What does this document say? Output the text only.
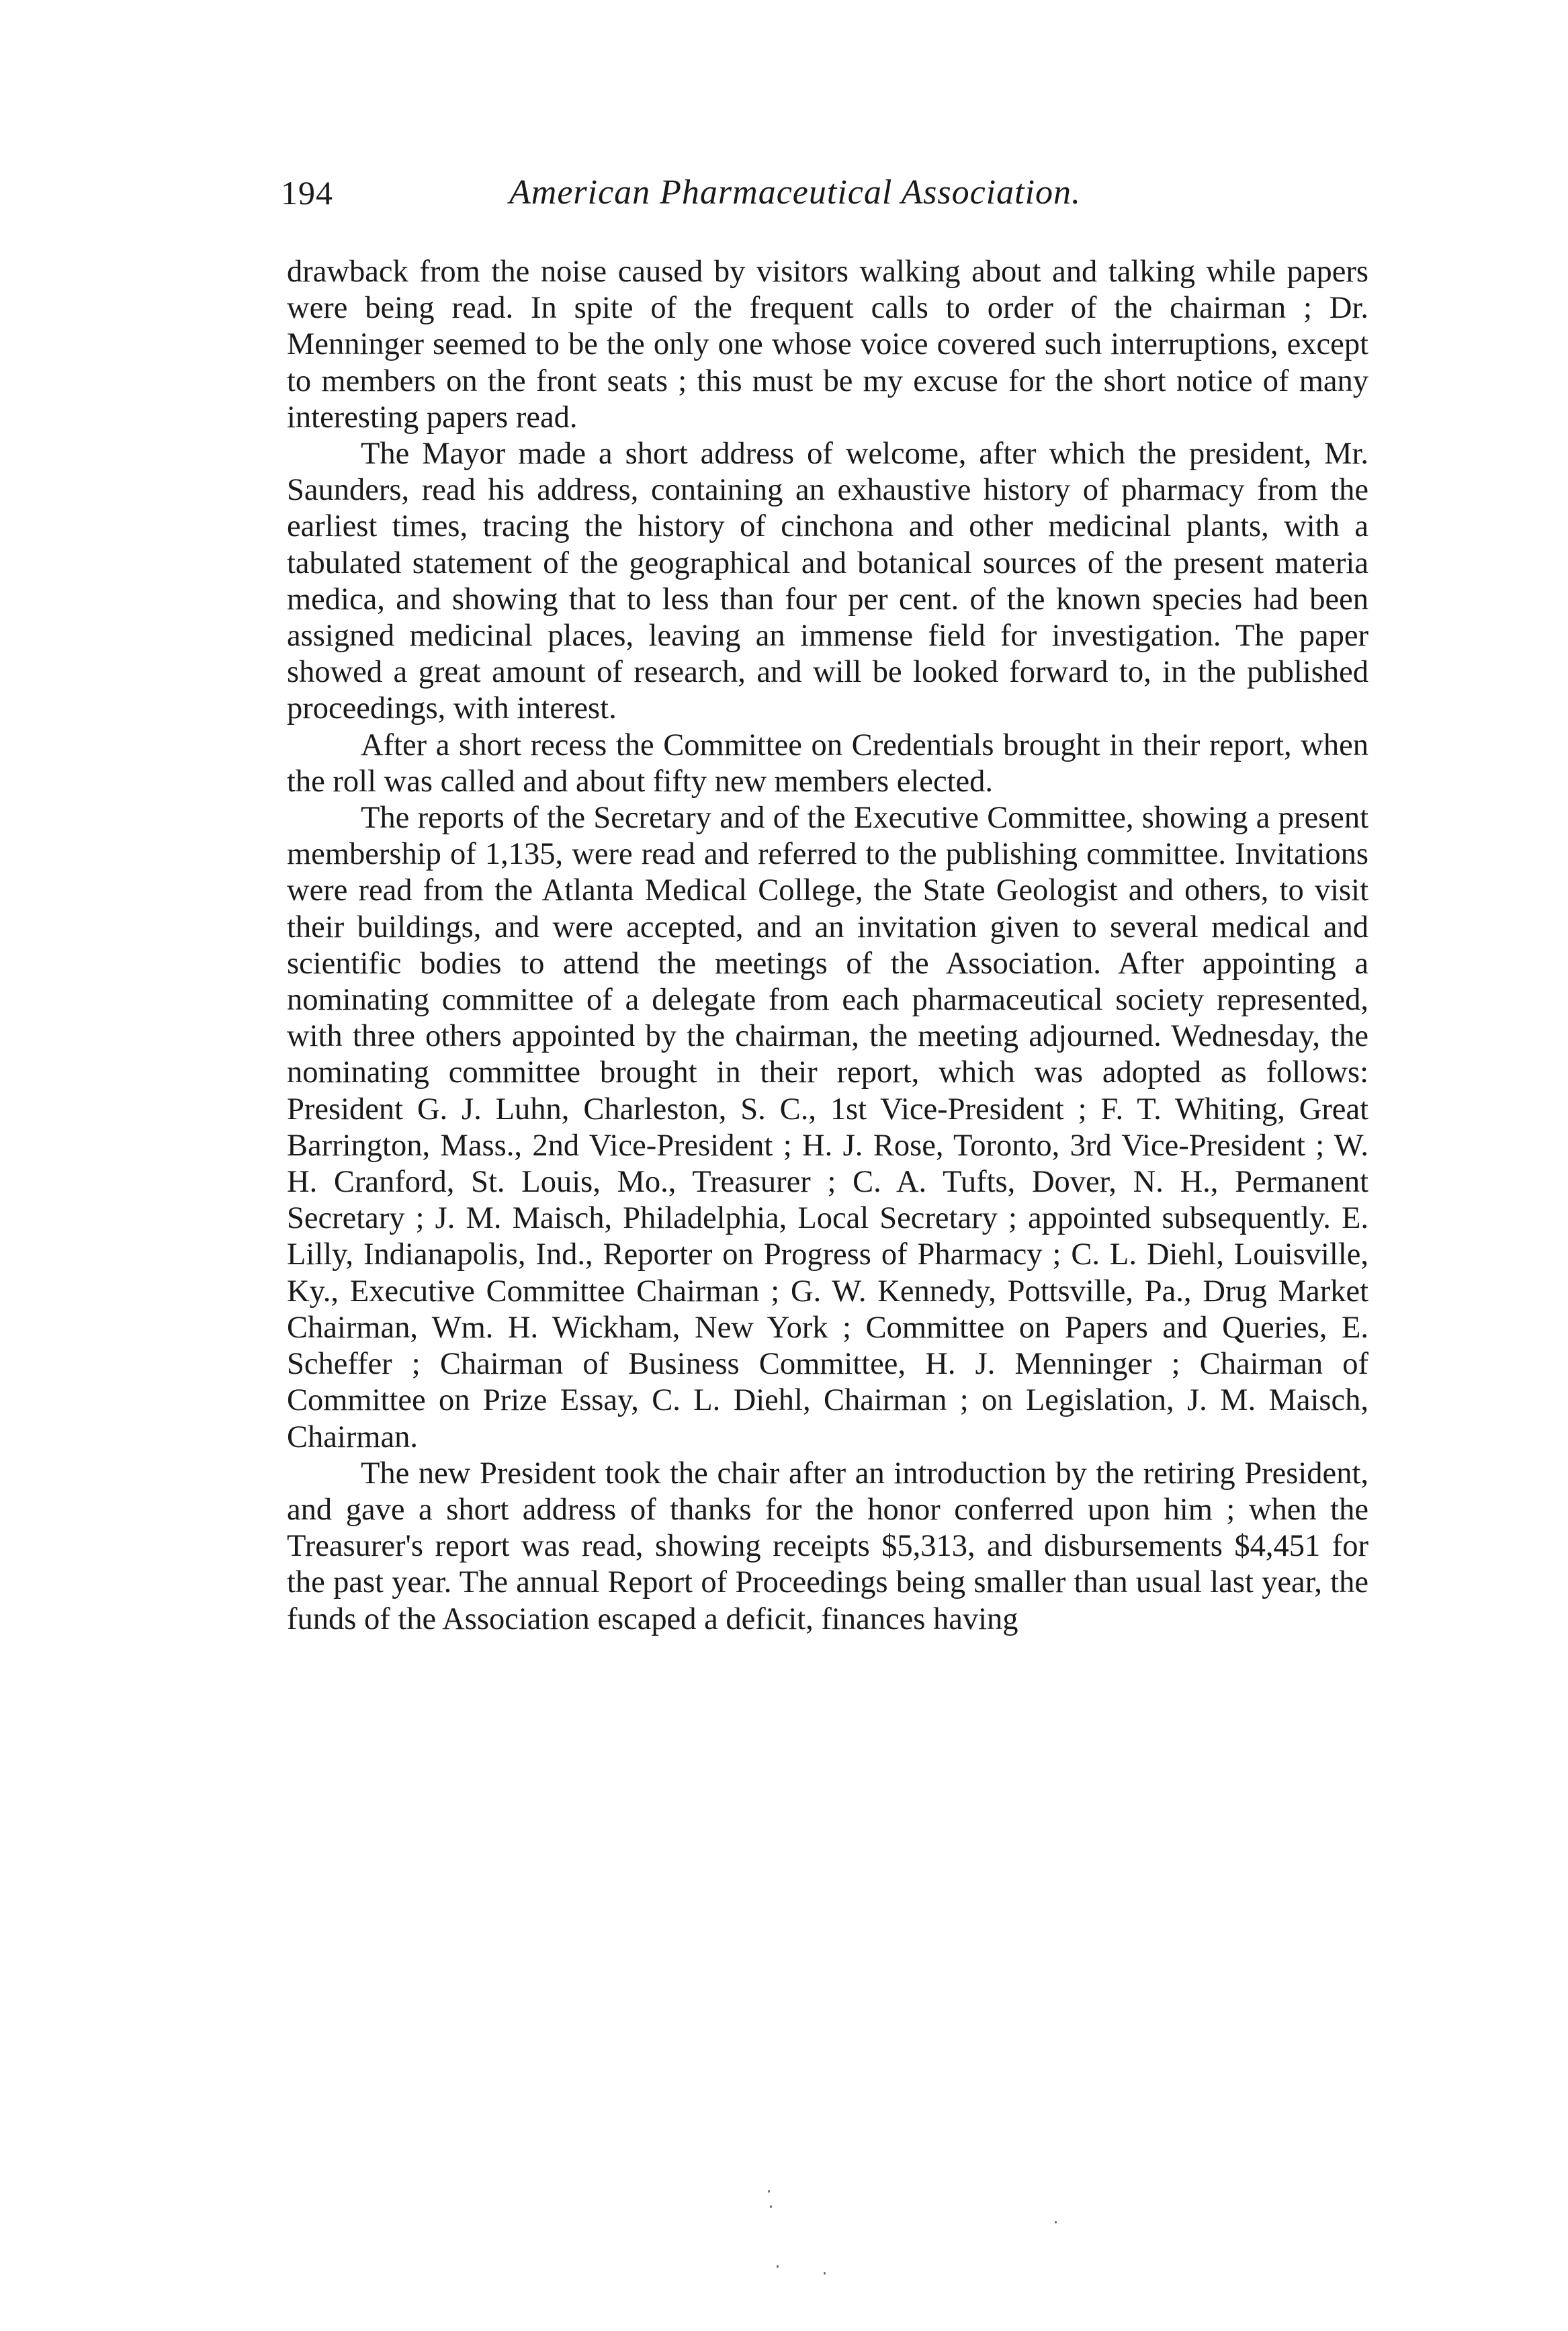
194	American Pharmaceutical Association.

drawback from the noise caused by visitors walking about and talking while papers were being read. In spite of the frequent calls to order of the chairman ; Dr. Menninger seemed to be the only one whose voice covered such interruptions, except to members on the front seats ; this must be my excuse for the short notice of many interesting papers read.

The Mayor made a short address of welcome, after which the president, Mr. Saunders, read his address, containing an exhaustive history of pharmacy from the earliest times, tracing the history of cinchona and other medicinal plants, with a tabulated statement of the geographical and botanical sources of the present materia medica, and showing that to less than four per cent. of the known species had been assigned medicinal places, leaving an immense field for investigation. The paper showed a great amount of research, and will be looked forward to, in the published proceedings, with interest.

After a short recess the Committee on Credentials brought in their report, when the roll was called and about fifty new members elected.

The reports of the Secretary and of the Executive Committee, showing a present membership of 1,135, were read and referred to the publishing committee. Invitations were read from the Atlanta Medical College, the State Geologist and others, to visit their buildings, and were accepted, and an invitation given to several medical and scientific bodies to attend the meetings of the Association. After appointing a nominating committee of a delegate from each pharmaceutical society represented, with three others appointed by the chairman, the meeting adjourned. Wednesday, the nominating committee brought in their report, which was adopted as follows: President G. J. Luhn, Charleston, S. C., 1st Vice-President ; F. T. Whiting, Great Barrington, Mass., 2nd Vice-President ; H. J. Rose, Toronto, 3rd Vice-President ; W. H. Cranford, St. Louis, Mo., Treasurer ; C. A. Tufts, Dover, N. H., Permanent Secretary ; J. M. Maisch, Philadelphia, Local Secretary ; appointed subsequently. E. Lilly, Indianapolis, Ind., Reporter on Progress of Pharmacy ; C. L. Diehl, Louisville, Ky., Executive Committee Chairman ; G. W. Kennedy, Pottsville, Pa., Drug Market Chairman, Wm. H. Wickham, New York ; Committee on Papers and Queries, E. Scheffer ; Chairman of Business Committee, H. J. Menninger ; Chairman of Committee on Prize Essay, C. L. Diehl, Chairman ; on Legislation, J. M. Maisch, Chairman.

The new President took the chair after an introduction by the retiring President, and gave a short address of thanks for the honor conferred upon him ; when the Treasurer's report was read, showing receipts $5,313, and disbursements $4,451 for the past year. The annual Report of Proceedings being smaller than usual last year, the funds of the Association escaped a deficit, finances having
